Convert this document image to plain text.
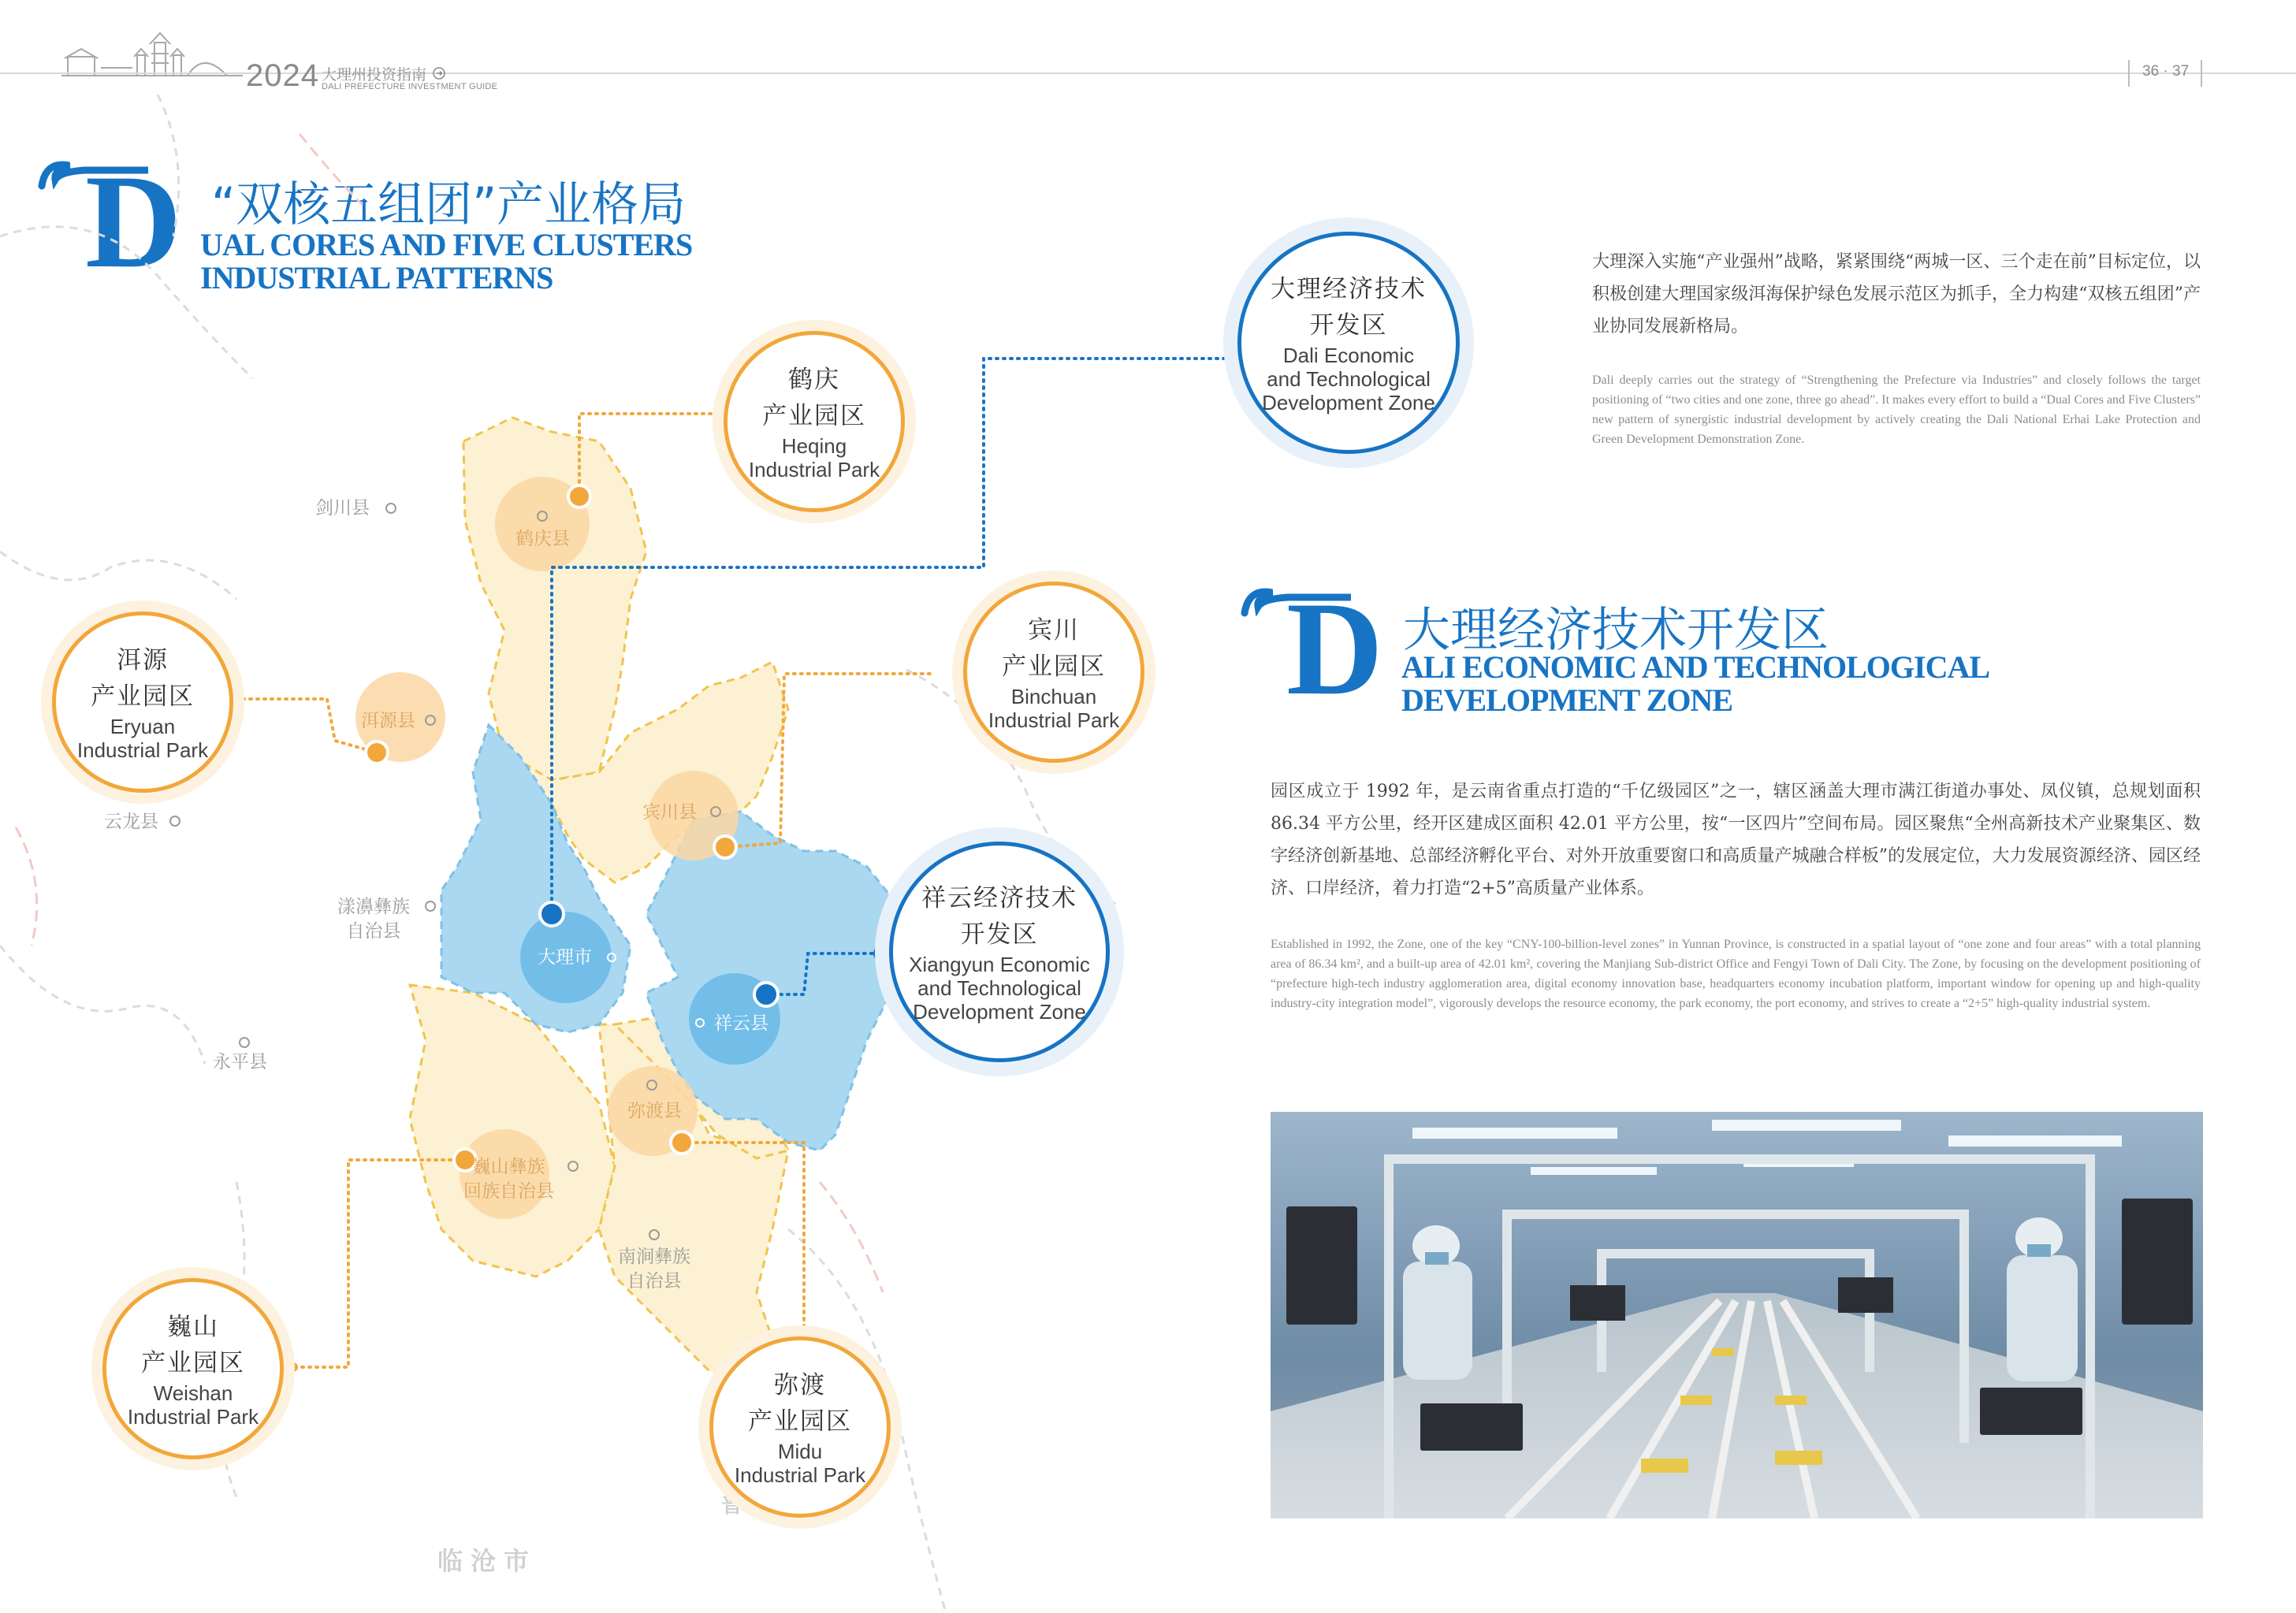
2024 大理州投资指南
DALI PREFECTURE INVESTMENT GUIDE
36 · 37
D “双核五组团”产业格局
UAL CORES AND FIVE CLUSTERS
INDUSTRIAL PATTERNS
剑川县
鹤庆县
洱源县
云龙县	宾川县
漾濞彝族
自治县
大理市
祥云县
永平县
弥渡县
巍山彝族
回族自治县
南涧彝族
自治县
临沧市
普
鹤庆
产业园区
Heqing
Industrial Park
洱源
产业园区
Eryuan
Industrial Park
宾川
产业园区
Binchuan
Industrial Park
巍山
产业园区
Weishan
Industrial Park
弥渡
产业园区
Midu
Industrial Park
大理经济技术
开发区
Dali Economic
and Technological
Development Zone
祥云经济技术
开发区
Xiangyun Economic
and Technological
Development Zone
大理深入实施“产业强州”战略，紧紧围绕“两城一区、三个走在前”目标定位，以积极创建大理国家级洱海保护绿色发展示范区为抓手，全力构建“双核五组团”产业协同发展新格局。
Dali deeply carries out the strategy of “Strengthening the Prefecture via Industries” and closely follows the target positioning of “two cities and one zone, three go ahead”. It makes every effort to build a “Dual Cores and Five Clusters” new pattern of synergistic industrial development by actively creating the Dali National Erhai Lake Protection and Green Development Demonstration Zone.
D 大理经济技术开发区
ALI ECONOMIC AND TECHNOLOGICAL
DEVELOPMENT ZONE
园区成立于 1992 年，是云南省重点打造的“千亿级园区”之一，辖区涵盖大理市满江街道办事处、凤仪镇，总规划面积 86.34 平方公里，经开区建成区面积 42.01 平方公里，按“一区四片”空间布局。园区聚焦“全州高新技术产业聚集区、数字经济创新基地、总部经济孵化平台、对外开放重要窗口和高质量产城融合样板”的发展定位，大力发展资源经济、园区经济、口岸经济，着力打造“2+5”高质量产业体系。
Established in 1992, the Zone, one of the key “CNY-100-billion-level zones” in Yunnan Province, is constructed in a spatial layout of “one zone and four areas” with a total planning area of 86.34 km², and a built-up area of 42.01 km², covering the Manjiang Sub-district Office and Fengyi Town of Dali City. The Zone, by focusing on the development positioning of “prefecture high-tech industry agglomeration area, digital economy innovation base, headquarters economy incubation platform, important window for opening up and high-quality industry-city integration model”, vigorously develops the resource economy, the park economy, the port economy, and strives to create a “2+5” high-quality industrial system.
